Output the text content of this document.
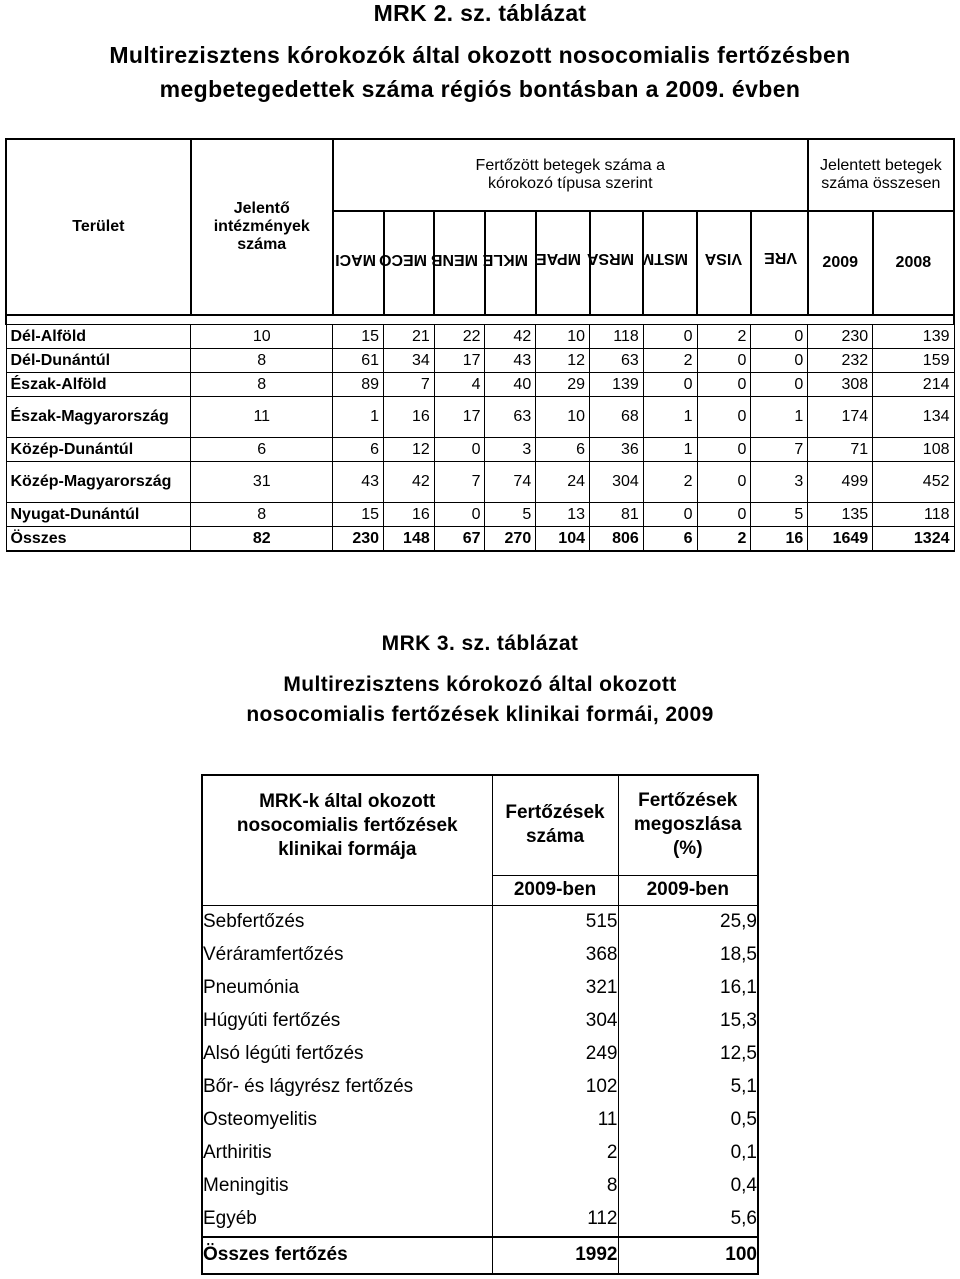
MRK 2. sz. táblázat
Multirezisztens kórokozók által okozott nosocomialis fertőzésben
megbetegedettek száma régiós bontásban a 2009. évben
Terület	Jelentő intézmények száma	Fertőzött betegek száma a kórokozó típusa szerint									Jelentett betegek száma összesen	

		MACI	MECO	MENB	MKLE	MPAE	MRSA	MSTM	VISA	VRE	2009	2008

Dél-Alföld	10	15	21	22	42	10	118	0	2	0	230	139
Dél-Dunántúl	8	61	34	17	43	12	63	2	0	0	232	159
Észak-Alföld	8	89	7	4	40	29	139	0	0	0	308	214
Észak-Magyarország	11	1	16	17	63	10	68	1	0	1	174	134
Közép-Dunántúl	6	6	12	0	3	6	36	1	0	7	71	108
Közép-Magyarország	31	43	42	7	74	24	304	2	0	3	499	452
Nyugat-Dunántúl	8	15	16	0	5	13	81	0	0	5	135	118
Összes	82	230	148	67	270	104	806	6	2	16	1649	1324
MRK 3. sz. táblázat
Multirezisztens kórokozó által okozott
nosocomialis fertőzések klinikai formái, 2009
MRK-k által okozott nosocomialis fertőzések klinikai formája	Fertőzések száma	Fertőzések megoszlása (%)
	2009-ben	2009-ben
Sebfertőzés	515	25,9
Véráramfertőzés	368	18,5
Pneumónia	321	16,1
Húgyúti fertőzés	304	15,3
Alsó légúti fertőzés	249	12,5
Bőr- és lágyrész fertőzés	102	5,1
Osteomyelitis	11	0,5
Arthiritis	2	0,1
Meningitis	8	0,4
Egyéb	112	5,6
Összes fertőzés	1992	100
